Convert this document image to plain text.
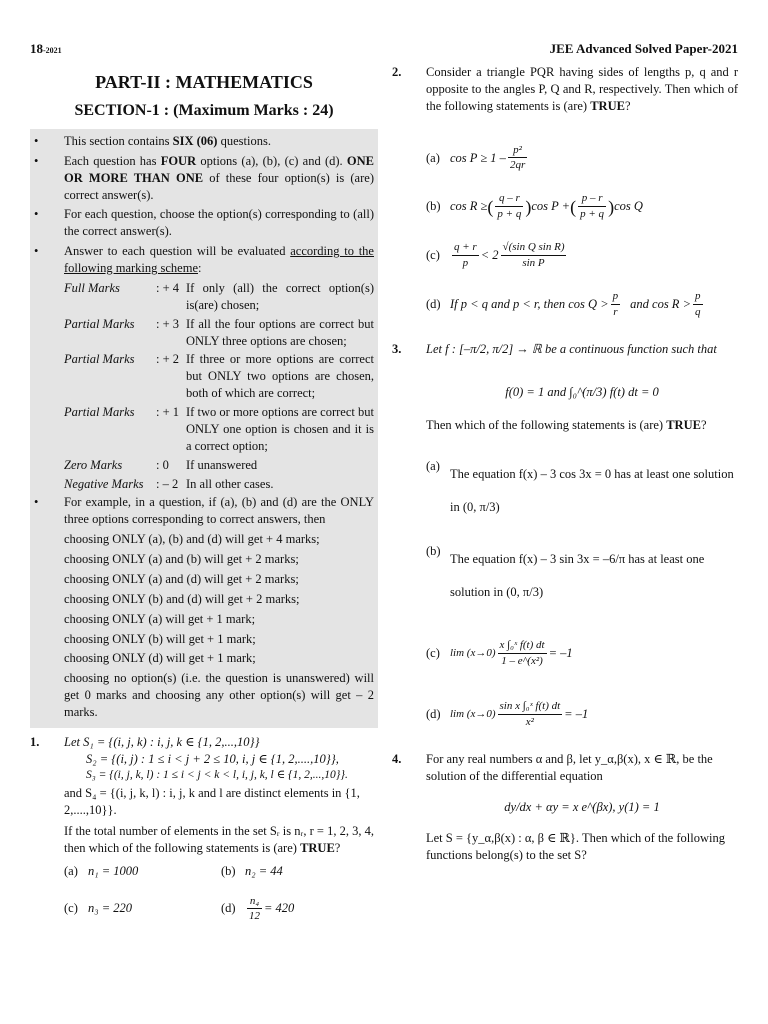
18-2021	JEE Advanced Solved Paper-2021
PART-II : MATHEMATICS
SECTION-1 : (Maximum Marks : 24)
•	This section contains SIX (06) questions.
•	Each question has FOUR options (a), (b), (c) and (d). ONE OR MORE THAN ONE of these four option(s) is (are) correct answer(s).
•	For each question, choose the option(s) corresponding to (all) the correct answer(s).
•	Answer to each question will be evaluated according to the following marking scheme:
Full Marks	: + 4 If only (all) the correct option(s) is(are) chosen;
Partial Marks	: + 3 If all the four options are correct but ONLY three options are chosen;
Partial Marks	: + 2 If three or more options are correct but ONLY two options are chosen, both of which are correct;
Partial Marks	: + 1 If two or more options are correct but ONLY one option is chosen and it is a correct option;
Zero Marks	: 0	If unanswered
Negative Marks	: – 2 In all other cases.
•	For example, in a question, if (a), (b) and (d) are the ONLY three options corresponding to correct answers, then
choosing ONLY (a), (b) and (d) will get + 4 marks;
choosing ONLY (a) and (b) will get + 2 marks;
choosing ONLY (a) and (d) will get + 2 marks;
choosing ONLY (b) and (d) will get + 2 marks;
choosing ONLY (a) will get + 1 mark;
choosing ONLY (b) will get + 1 mark;
choosing ONLY (d) will get + 1 mark;
choosing no option(s) (i.e. the question is unanswered) will get 0 marks and choosing any other option(s) will get – 2 marks.
1.	Let S₁ = {(i, j, k) : i, j, k ∈ {1, 2,...,10}}
S₂ = {(i, j) : 1 ≤ i < j + 2 ≤ 10, i, j ∈ {1, 2,....,10}},
S₃ = {(i, j, k, l) : 1 ≤ i < j < k < l, i, j, k, l ∈ {1, 2,...,10}}.
and S₄ = {(i, j, k, l) : i, j, k and l are distinct elements in {1, 2,....,10}}.
If the total number of elements in the set Sᵣ is nᵣ, r = 1, 2, 3, 4, then which of the following statements is (are) TRUE?
(a) n₁ = 1000	(b) n₂ = 44
(c) n₃ = 220	(d)	$\frac{\text{n₄}}{12} = 420$
2.	Consider a triangle PQR having sides of lengths p, q and r opposite to the angles P, Q and R, respectively. Then which of the following statements is (are) TRUE?
(a) $\cos P \ge 1 - \frac{\text{p²}}{2qr}$
(b) cos R ≥ ( $\frac{q - r}{p + q}$ ) cos P + ( $\frac{p - r}{p + q}$ ) cos Q
(c)	$\frac{q + r}{p} < 2 \frac{\text{√(sin Q sin R)}}{\text{sin P}}$
(d) If p < q and p < r, then $\cos Q > \frac{p}{r}$ and $\cos R > \frac{p}{q}$
3.	Let f : [–π/2, π/2] → ℝ be a continuous function such that
f(0) = 1 and ∫₀^(π/3) f(t) dt = 0
Then which of the following statements is (are) TRUE?
(a)
The equation f(x) – 3 cos 3x = 0 has at least one solution in (0, π/3)
(b)
The equation f(x) – 3 sin 3x = –6/π has at least one solution in (0, π/3)
(c) $\lim (x\to 0) \frac{\text{x ∫₀ˣ f(t) dt}}{\text{1 – e\textasciicircum{}(x²)}} = -1$
(d) $\lim (x\to 0) \frac{\text{sin x ∫₀ˣ f(t) dt}}{\text{x²}} = -1$
4.	For any real numbers α and β, let y_α,β(x), x ∈ ℝ, be the solution of the differential equation
dy/dx + αy = x e^(βx), y(1) = 1
Let S = {y_α,β(x) : α, β ∈ ℝ}. Then which of the following functions belong(s) to the set S?
